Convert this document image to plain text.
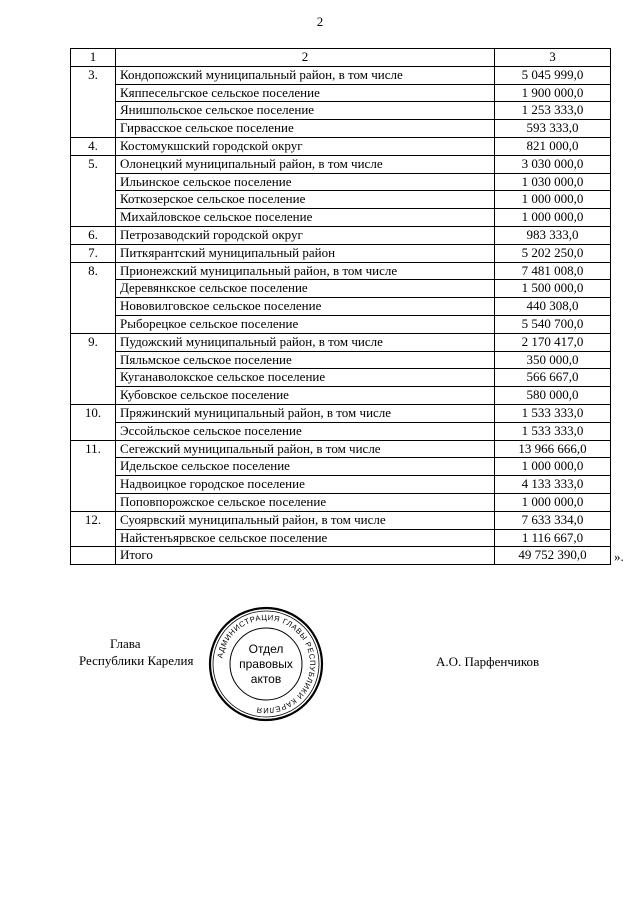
2
1	2	3
3.	Кондопожский муниципальный район, в том числе	5 045 999,0
	Кяппесельгское сельское поселение	1 900 000,0
	Янишпольское сельское поселение	1 253 333,0
	Гирвасское сельское поселение	593 333,0
4.	Костомукшский городской округ	821 000,0
5.	Олонецкий муниципальный район, в том числе	3 030 000,0
	Ильинское сельское поселение	1 030 000,0
	Коткозерское сельское поселение	1 000 000,0
	Михайловское сельское поселение	1 000 000,0
6.	Петрозаводский городской округ	983 333,0
7.	Питкярантский муниципальный район	5 202 250,0
8.	Прионежский муниципальный район, в том числе	7 481 008,0
	Деревянкское сельское поселение	1 500 000,0
	Нововилговское сельское поселение	440 308,0
	Рыборецкое сельское поселение	5 540 700,0
9.	Пудожский муниципальный район, в том числе	2 170 417,0
	Пяльмское сельское поселение	350 000,0
	Куганаволокское сельское поселение	566 667,0
	Кубовское сельское поселение	580 000,0
10.	Пряжинский муниципальный район, в том числе	1 533 333,0
	Эссойльское сельское поселение	1 533 333,0
11.	Сегежский муниципальный район, в том числе	13 966 666,0
	Идельское сельское поселение	1 000 000,0
	Надвоицкое городское поселение	4 133 333,0
	Поповпорожское сельское поселение	1 000 000,0
12.	Суоярвский муниципальный район, в том числе	7 633 334,0
	Найстенъярвское сельское поселение	1 116 667,0
	Итого	49 752 390,0 ».
Глава
Республики Карелия	А.О. Парфенчиков
АДМИНИСТРАЦИЯ ГЛАВЫ РЕСПУБЛИКИ КАРЕЛИЯ
Отдел
правовых
актов
